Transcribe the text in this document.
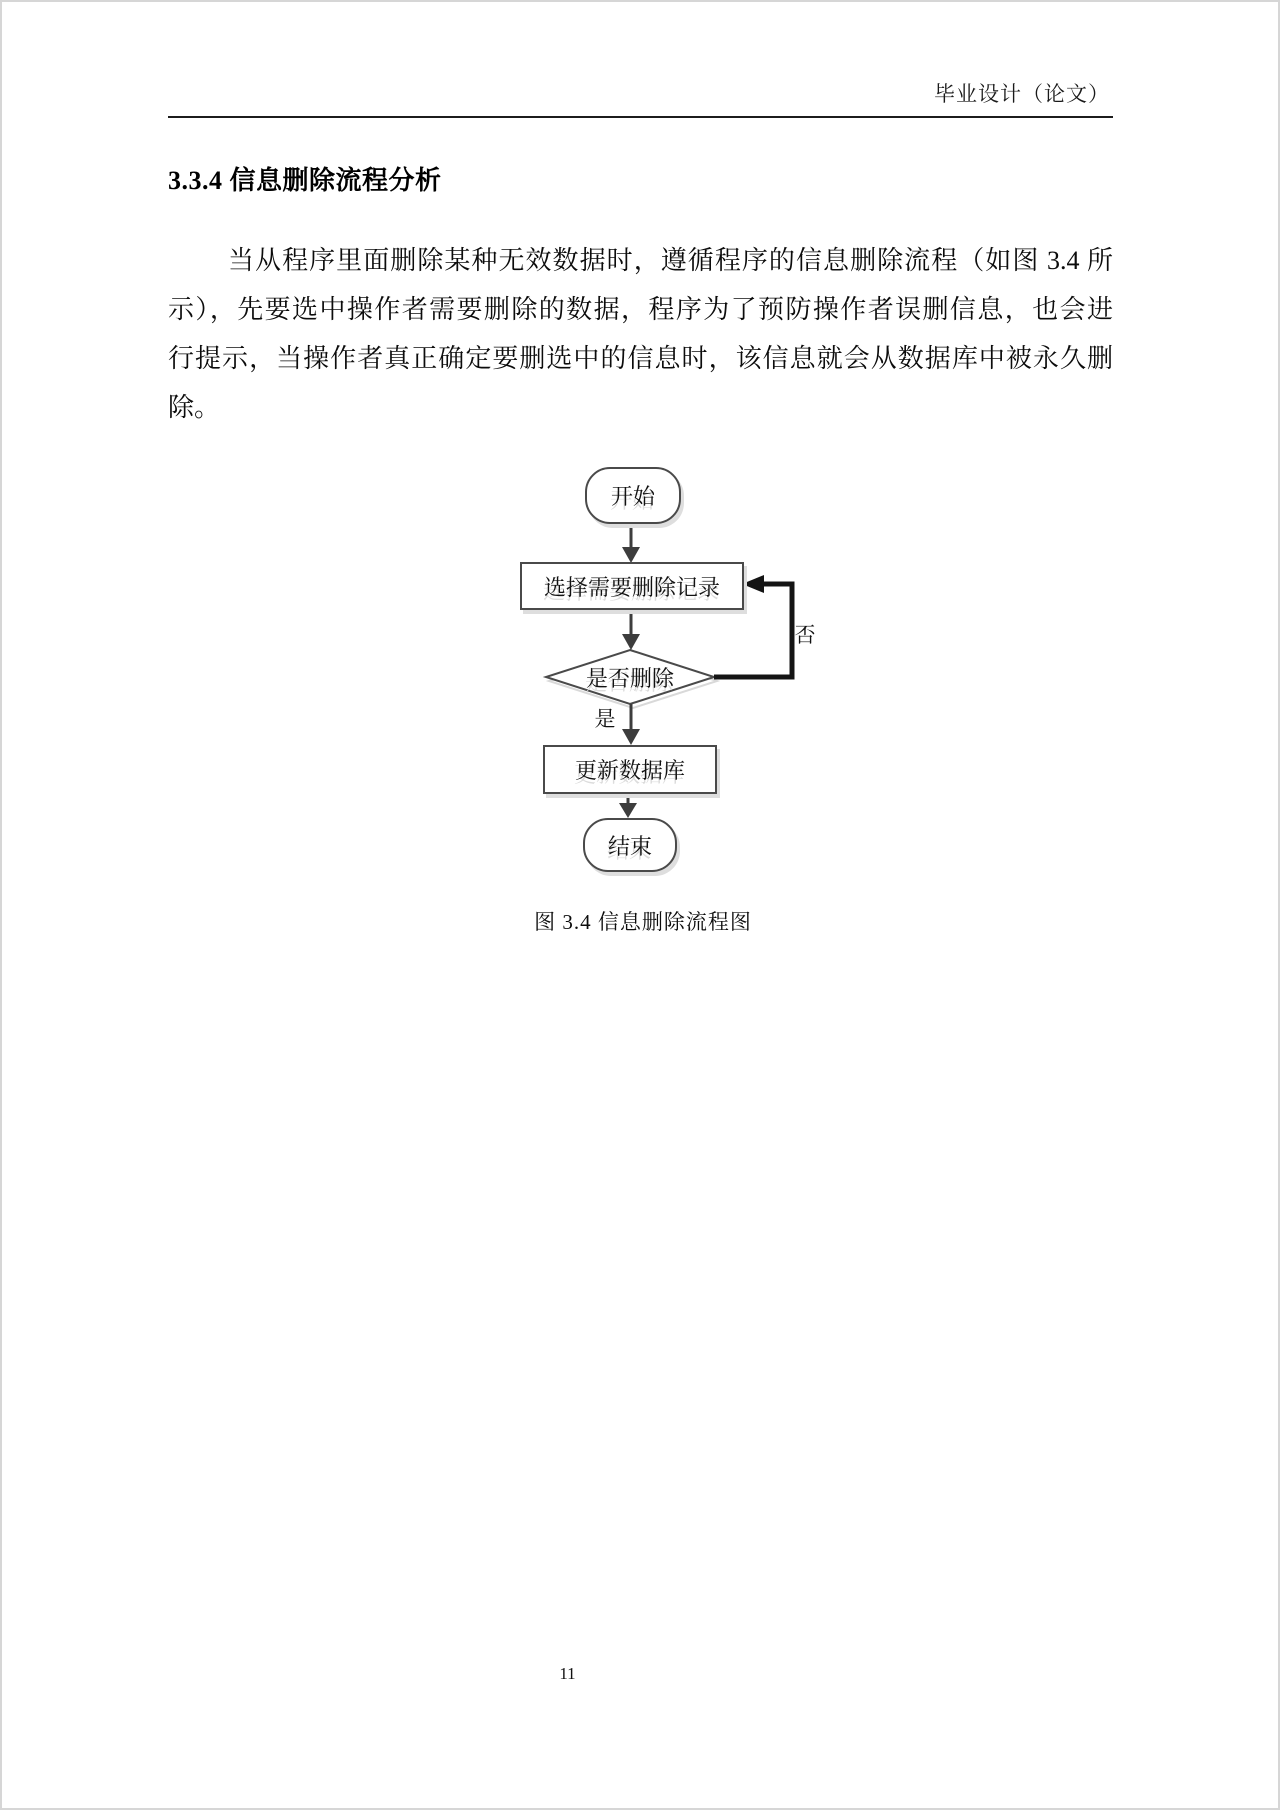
毕业设计（论文）
3.3.4 信息删除流程分析
当从程序里面删除某种无效数据时，遵循程序的信息删除流程（如图 3.4 所
示），先要选中操作者需要删除的数据，程序为了预防操作者误删信息，也会进
行提示，当操作者真正确定要删选中的信息时，该信息就会从数据库中被永久删
除。
开始
选择需要删除记录
是否删除
是
否
更新数据库
结束
图 3.4 信息删除流程图
11
